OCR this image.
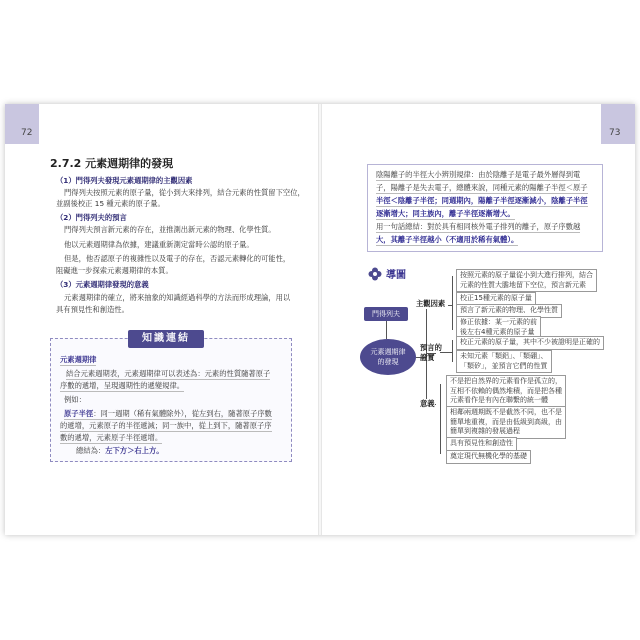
72	73
2.7.2 元素週期律的發現
（1）門得列夫發現元素週期律的主觀因素
門得列夫按照元素的原子量，從小到大來排列，結合元素的性質留下空位，
並副後校正 15 種元素的原子量。
（2）門得列夫的預言
門得列夫預言新元素的存在，並推測出新元素的物理、化學性質。
他以元素週期律為依據，建議重新測定當時公認的原子量。
但是，他否認原子的複雜性以及電子的存在，否認元素轉化的可能性，
阻礙進一步探索元素週期律的本質。
（3）元素週期律發現的意義
元素週期律的確立，將來抽象的知識經過科學的方法而形成理論，用以
具有預見性和創造性。
知識連結
元素週期律
結合元素週期表，元素週期律可以表述為：元素的性質隨著原子
序數的遞增，呈現週期性的遞變規律。
例如：
原子半徑：同一週期（稀有氣體除外），從左到右，隨著原子序數
的遞增，元素原子的半徑遞減；同一族中，從上到下，隨著原子序
數的遞增，元素原子半徑遞增。
總結為：左下方＞右上方。
陰陽離子的半徑大小辨別規律：由於陰離子是電子最外層得到電
子，陽離子是失去電子，總體來說，同種元素的陽離子半徑＜原子
半徑＜陰離子半徑；同週期內，陽離子半徑逐漸減小，陰離子半徑
逐漸增大；同主族內，離子半徑逐漸增大。
用一句話總結：對於具有相同核外電子排列的離子，原子序數越
大，其離子半徑越小（不適用於稀有氣體）。
導圖
門得列夫
元素週期律
的發現
主觀因素
預言的
證實
意義
按照元素的原子量從小到大進行排列，結合
元素的性質大膽地留下空位，預言新元素
校正15種元素的原子量
預言了新元素的物理、化學性質
修正依據：某一元素的前
後左右4種元素的原子量
校正元素的原子量，其中不少被證明是正確的
未知元素「類鋁」、「類硼」、
「類矽」，並預言它們的性質
不是把自然界的元素看作是孤立的，
互相不依賴的偶然堆積，而是把各種
元素看作是有內在聯繫的統一體
相鄰兩週期既不是截然不同，也不是
簡單地重複，而是由低級到高級，由
簡單到複雜的發展過程
具有預見性和創造性
奠定現代無機化學的基礎
